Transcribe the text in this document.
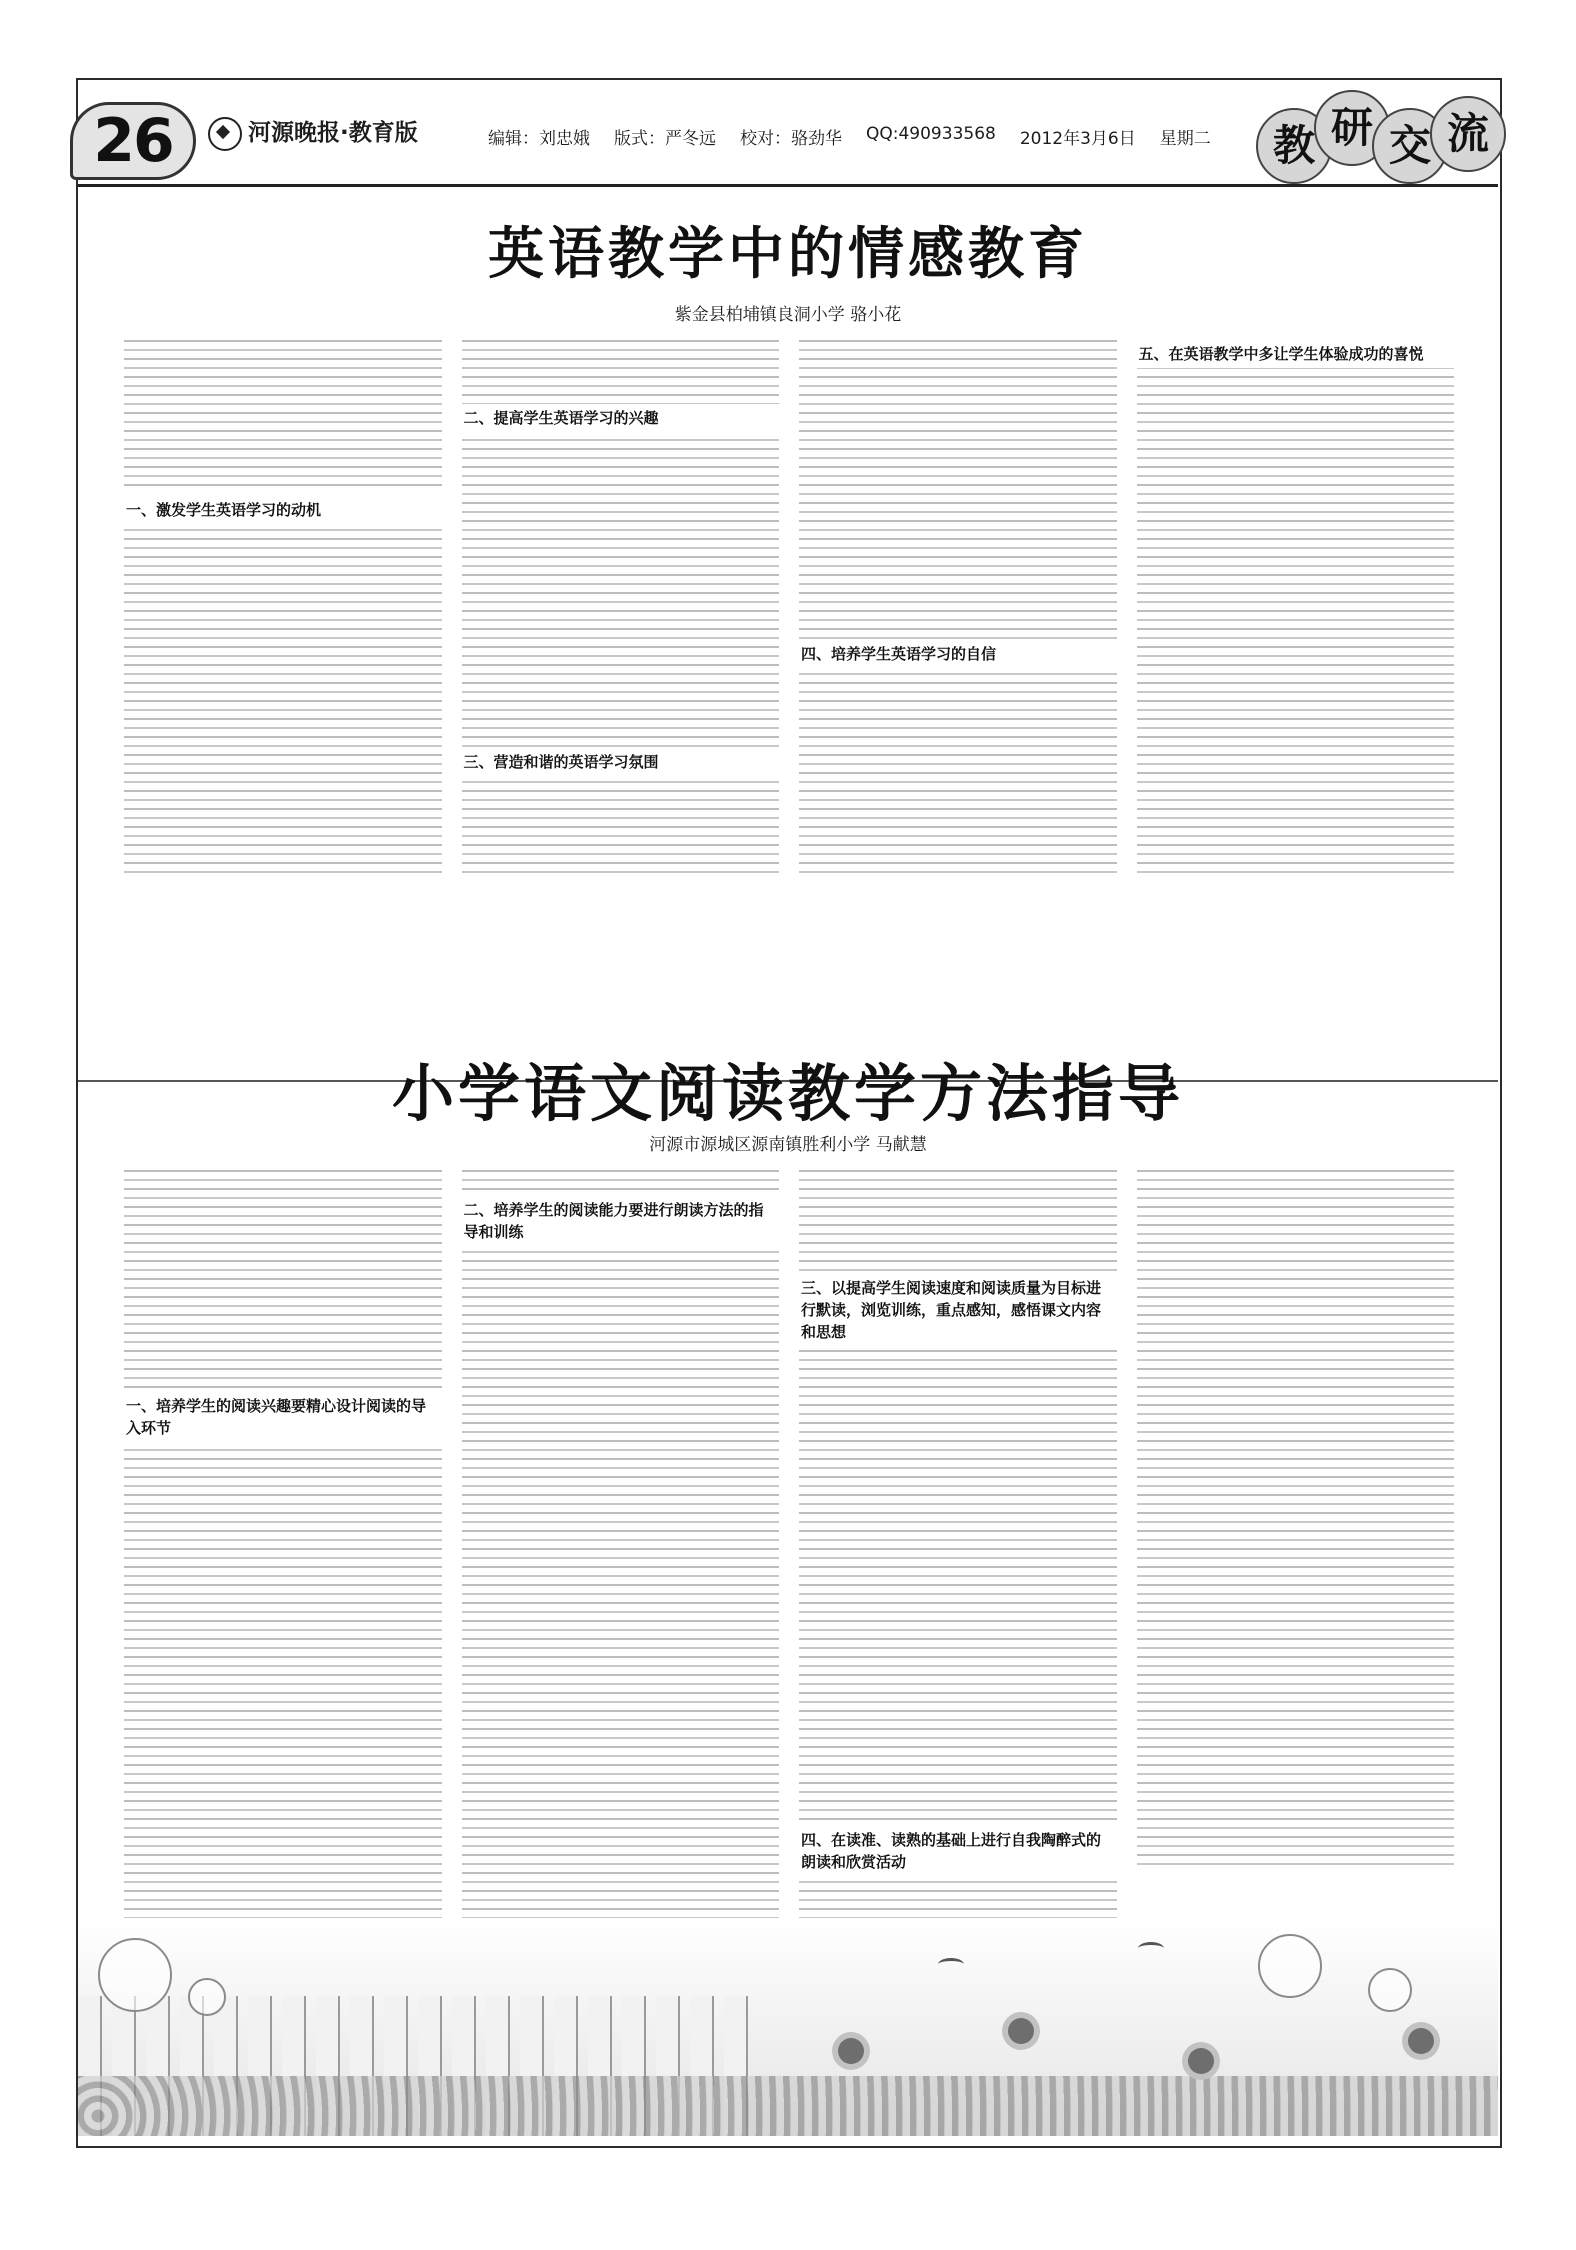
26	河源晚报·教育版	编辑：刘忠娥 版式：严冬远 校对：骆劲华 QQ:490933568 2012年3月6日 星期二	教 研 交 流
英语教学中的情感教育
紫金县柏埔镇良洞小学 骆小花
一、激发学生英语学习的动机
二、提高学生英语学习的兴趣
三、营造和谐的英语学习氛围
四、培养学生英语学习的自信
五、在英语教学中多让学生体验成功的喜悦
小学语文阅读教学方法指导
河源市源城区源南镇胜利小学 马献慧
一、培养学生的阅读兴趣要精心设计阅读的导入环节
二、培养学生的阅读能力要进行朗读方法的指导和训练
三、以提高学生阅读速度和阅读质量为目标进行默读，浏览训练，重点感知，感悟课文内容和思想
四、在读准、读熟的基础上进行自我陶醉式的朗读和欣赏活动
